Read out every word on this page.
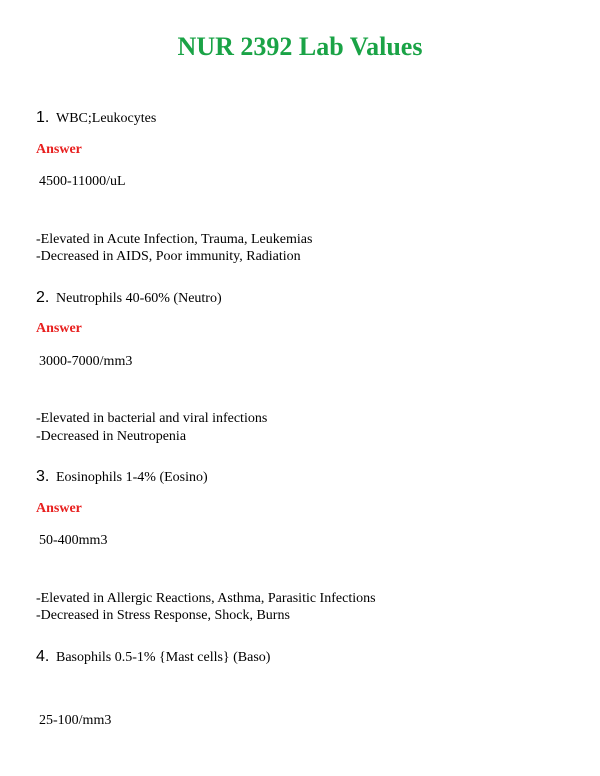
NUR 2392 Lab Values
1. WBC;Leukocytes
Answer
4500-11000/uL
-Elevated in Acute Infection, Trauma, Leukemias
-Decreased in AIDS, Poor immunity, Radiation
2. Neutrophils 40-60% (Neutro)
Answer
3000-7000/mm3
-Elevated in bacterial and viral infections
-Decreased in Neutropenia
3. Eosinophils 1-4% (Eosino)
Answer
50-400mm3
-Elevated in Allergic Reactions, Asthma, Parasitic Infections
-Decreased in Stress Response, Shock, Burns
4. Basophils 0.5-1% {Mast cells} (Baso)
25-100/mm3
